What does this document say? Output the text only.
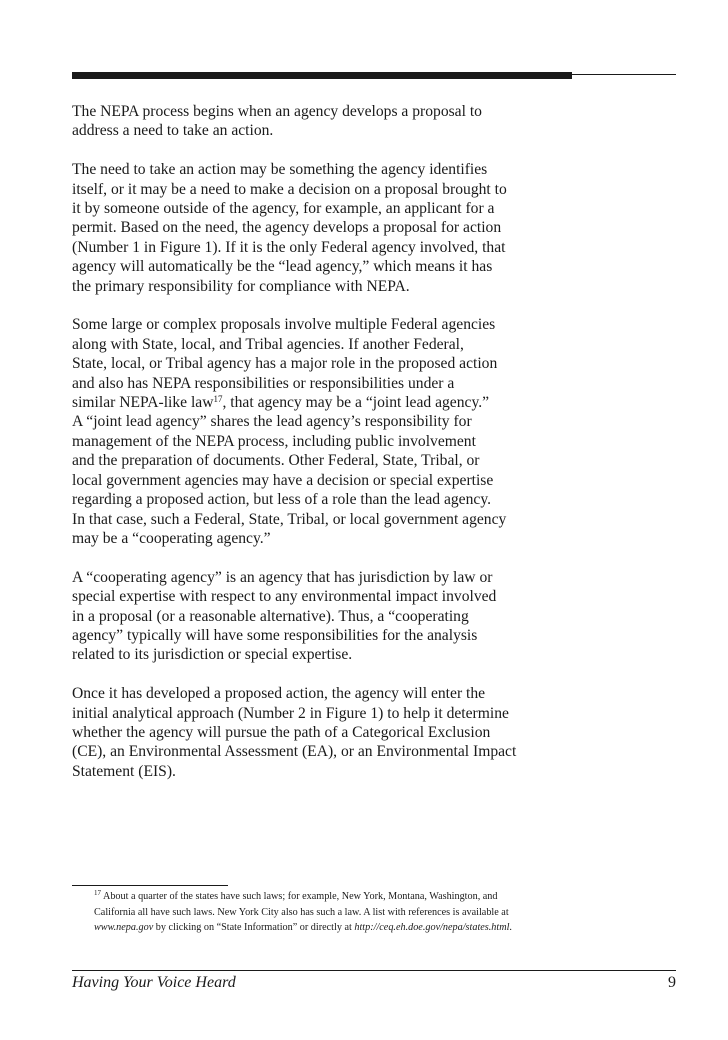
The NEPA process begins when an agency develops a proposal to
address a need to take an action.

The need to take an action may be something the agency identifies
itself, or it may be a need to make a decision on a proposal brought to
it by someone outside of the agency, for example, an applicant for a
permit. Based on the need, the agency develops a proposal for action
(Number 1 in Figure 1). If it is the only Federal agency involved, that
agency will automatically be the “lead agency,” which means it has
the primary responsibility for compliance with NEPA.

Some large or complex proposals involve multiple Federal agencies
along with State, local, and Tribal agencies. If another Federal,
State, local, or Tribal agency has a major role in the proposed action
and also has NEPA responsibilities or responsibilities under a
similar NEPA-like law$^{17}$, that agency may be a “joint lead agency.”
A “joint lead agency” shares the lead agency’s responsibility for
management of the NEPA process, including public involvement
and the preparation of documents. Other Federal, State, Tribal, or
local government agencies may have a decision or special expertise
regarding a proposed action, but less of a role than the lead agency.
In that case, such a Federal, State, Tribal, or local government agency
may be a “cooperating agency.”

A “cooperating agency” is an agency that has jurisdiction by law or
special expertise with respect to any environmental impact involved
in a proposal (or a reasonable alternative). Thus, a “cooperating
agency” typically will have some responsibilities for the analysis
related to its jurisdiction or special expertise.

Once it has developed a proposed action, the agency will enter the
initial analytical approach (Number 2 in Figure 1) to help it determine
whether the agency will pursue the path of a Categorical Exclusion
(CE), an Environmental Assessment (EA), or an Environmental Impact
Statement (EIS).

$^{17}$ About a quarter of the states have such laws; for example, New York, Montana, Washington, and
California all have such laws. New York City also has such a law. A list with references is available at
www.nepa.gov by clicking on “State Information” or directly at http://ceq.eh.doe.gov/nepa/states.html.
Having Your Voice Heard	9
